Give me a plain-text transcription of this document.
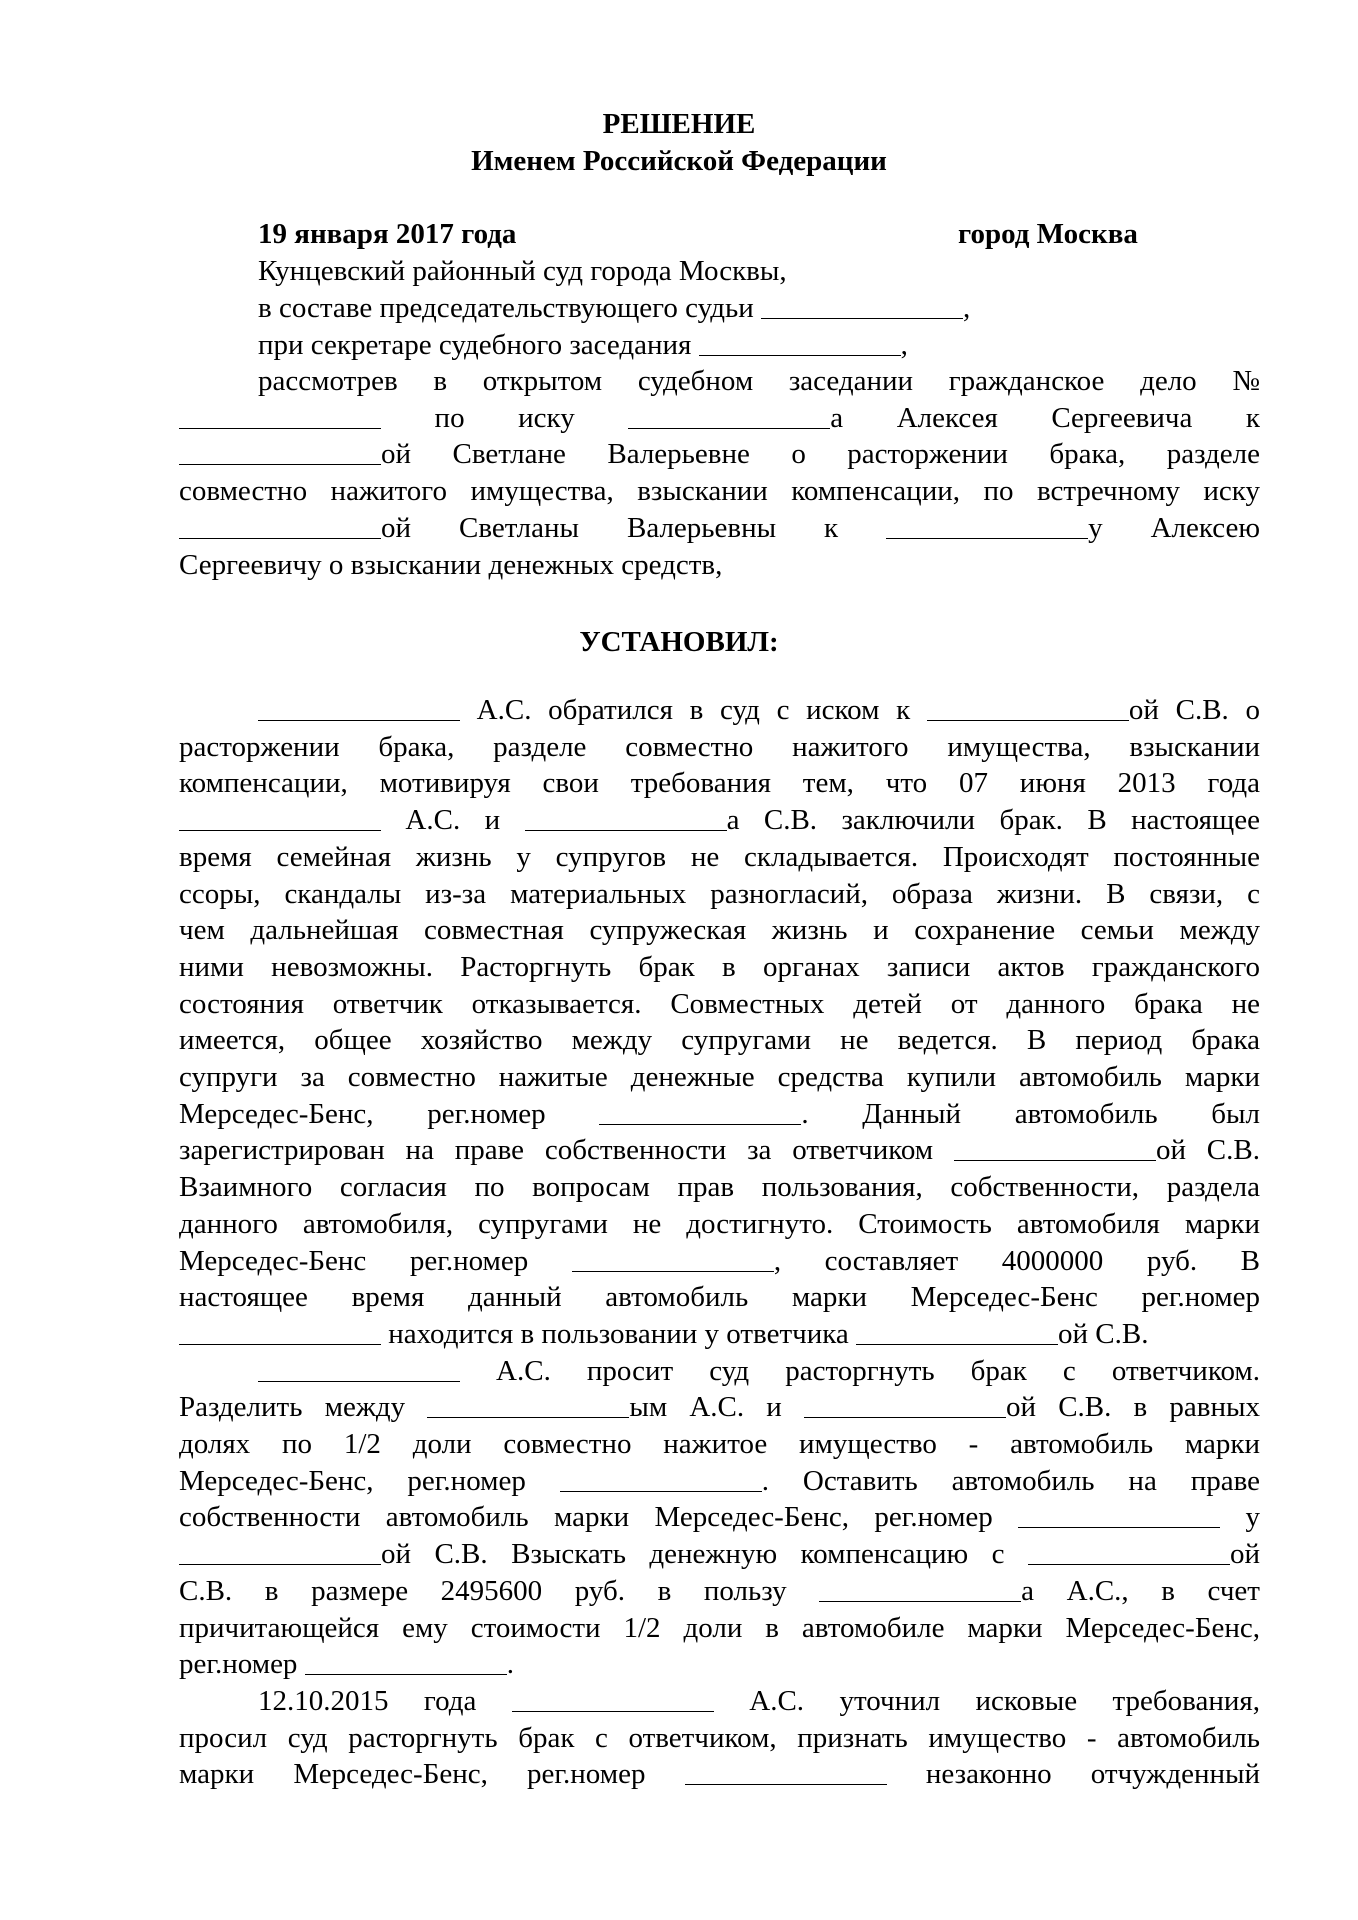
РЕШЕНИЕ
Именем Российской Федерации
19 января 2017 года	город Москва
Кунцевский районный суд города Москвы,
в составе председательствующего судьи	,
при секретаре судебного заседания	,
рассмотрев в открытом судебном заседании гражданское дело №
по иску	а Алексея Сергеевича к
ой Светлане Валерьевне о расторжении брака, разделе
совместно нажитого имущества, взыскании компенсации, по встречному иску
ой Светланы Валерьевны к	у Алексею
Сергеевичу о взыскании денежных средств,
УСТАНОВИЛ:
А.С. обратился в суд с иском к	ой С.В. о
расторжении брака, разделе совместно нажитого имущества, взыскании
компенсации, мотивируя свои требования тем, что 07 июня 2013 года
А.С. и	а С.В. заключили брак. В настоящее
время семейная жизнь у супругов не складывается. Происходят постоянные
ссоры, скандалы из-за материальных разногласий, образа жизни. В связи, с
чем дальнейшая совместная супружеская жизнь и сохранение семьи между
ними невозможны. Расторгнуть брак в органах записи актов гражданского
состояния ответчик отказывается. Совместных детей от данного брака не
имеется, общее хозяйство между супругами не ведется. В период брака
супруги за совместно нажитые денежные средства купили автомобиль марки
Мерседес-Бенс, рег.номер	. Данный автомобиль был
зарегистрирован на праве собственности за ответчиком	ой С.В.
Взаимного согласия по вопросам прав пользования, собственности, раздела
данного автомобиля, супругами не достигнуто. Стоимость автомобиля марки
Мерседес-Бенс рег.номер	, составляет 4000000 руб. В
настоящее время данный автомобиль марки Мерседес-Бенс рег.номер
находится в пользовании у ответчика	ой С.В.
А.С. просит суд расторгнуть брак с ответчиком.
Разделить между	ым А.С. и	ой С.В. в равных
долях по 1/2 доли совместно нажитое имущество - автомобиль марки
Мерседес-Бенс, рег.номер	. Оставить автомобиль на праве
собственности автомобиль марки Мерседес-Бенс, рег.номер	у
ой С.В. Взыскать денежную компенсацию с	ой
С.В. в размере 2495600 руб. в пользу	а А.С., в счет
причитающейся ему стоимости 1/2 доли в автомобиле марки Мерседес-Бенс,
рег.номер	.
12.10.2015 года	А.С. уточнил исковые требования,
просил суд расторгнуть брак с ответчиком, признать имущество - автомобиль
марки Мерседес-Бенс, рег.номер	незаконно отчужденный
